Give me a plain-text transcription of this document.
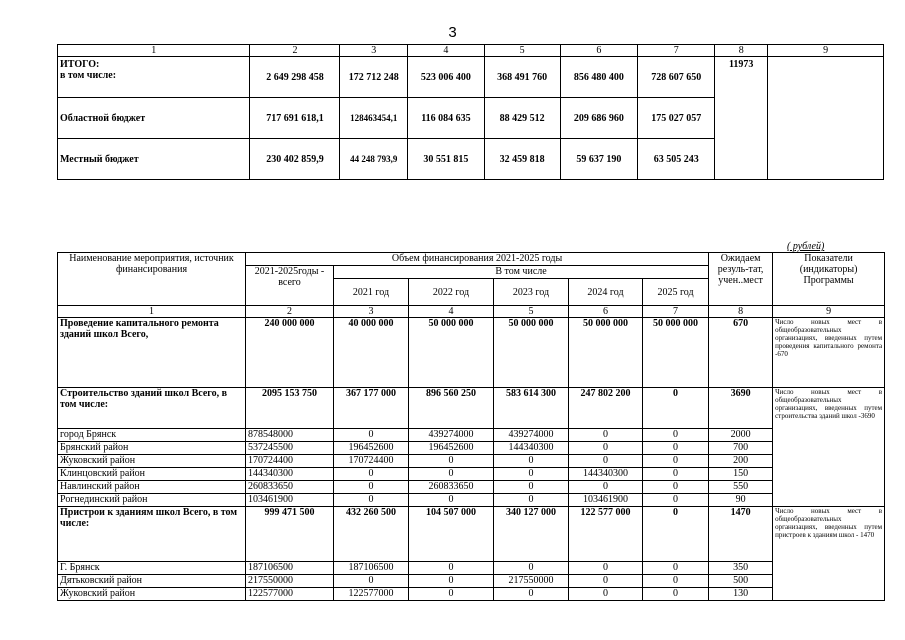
3
1	2	3	4	5	6	7	8	9

ИТОГО:
в том числе:	2 649 298 458	172 712 248	523 006 400	368 491 760	856 480 400	728 607 650	11973	
Областной бюджет	717 691 618,1	128463454,1	116 084 635	88 429 512	209 686 960	175 027 057		
Местный бюджет	230 402 859,9	44 248 793,9	30 551 815	32 459 818	59 637 190	63 505 243		
( рублей)
Наименование мероприятия, источник финансирования	Объем финансирования 2021-2025 годы						Ожидаем резуль-тат, учен..мест	Показатели (индикаторы) Программы
	2021-2025годы - всего	В том числе						
		2021 год	2022 год	2023 год	2024 год	2025 год		

1	2	3	4	5	6	7	8	9
Проведение капитального ремонта зданий школ Всего,	240 000 000	40 000 000	50 000 000	50 000 000	50 000 000	50 000 000	670	Число новых мест в общеобразовательных организациях, введенных путем проведения капитального ремонта -670
Строительство зданий школ Всего, в том числе:	2095 153 750	367 177 000	896 560 250	583 614 300	247 802 200	0	3690	Число новых мест в общеобразовательных организациях, введенных путем строительства зданий школ -3690
город Брянск	878548000	0	439274000	439274000	0	0	2000	
Брянский район	537245500	196452600	196452600	144340300	0	0	700	
Жуковский район	170724400	170724400	0	0	0	0	200	
Клинцовский район	144340300	0	0	0	144340300	0	150	
Навлинский район	260833650	0	260833650	0	0	0	550	
Рогнединский район	103461900	0	0	0	103461900	0	90	
Пристрои к зданиям школ Всего, в том числе:	999 471 500	432 260 500	104 507 000	340 127 000	122 577 000	0	1470	Число новых мест в общеобразовательных организациях, введенных путем пристроев к зданиям школ - 1470
Г. Брянск	187106500	187106500	0	0	0	0	350	
Дятьковский район	217550000	0	0	217550000	0	0	500	
Жуковский район	122577000	122577000	0	0	0	0	130	
